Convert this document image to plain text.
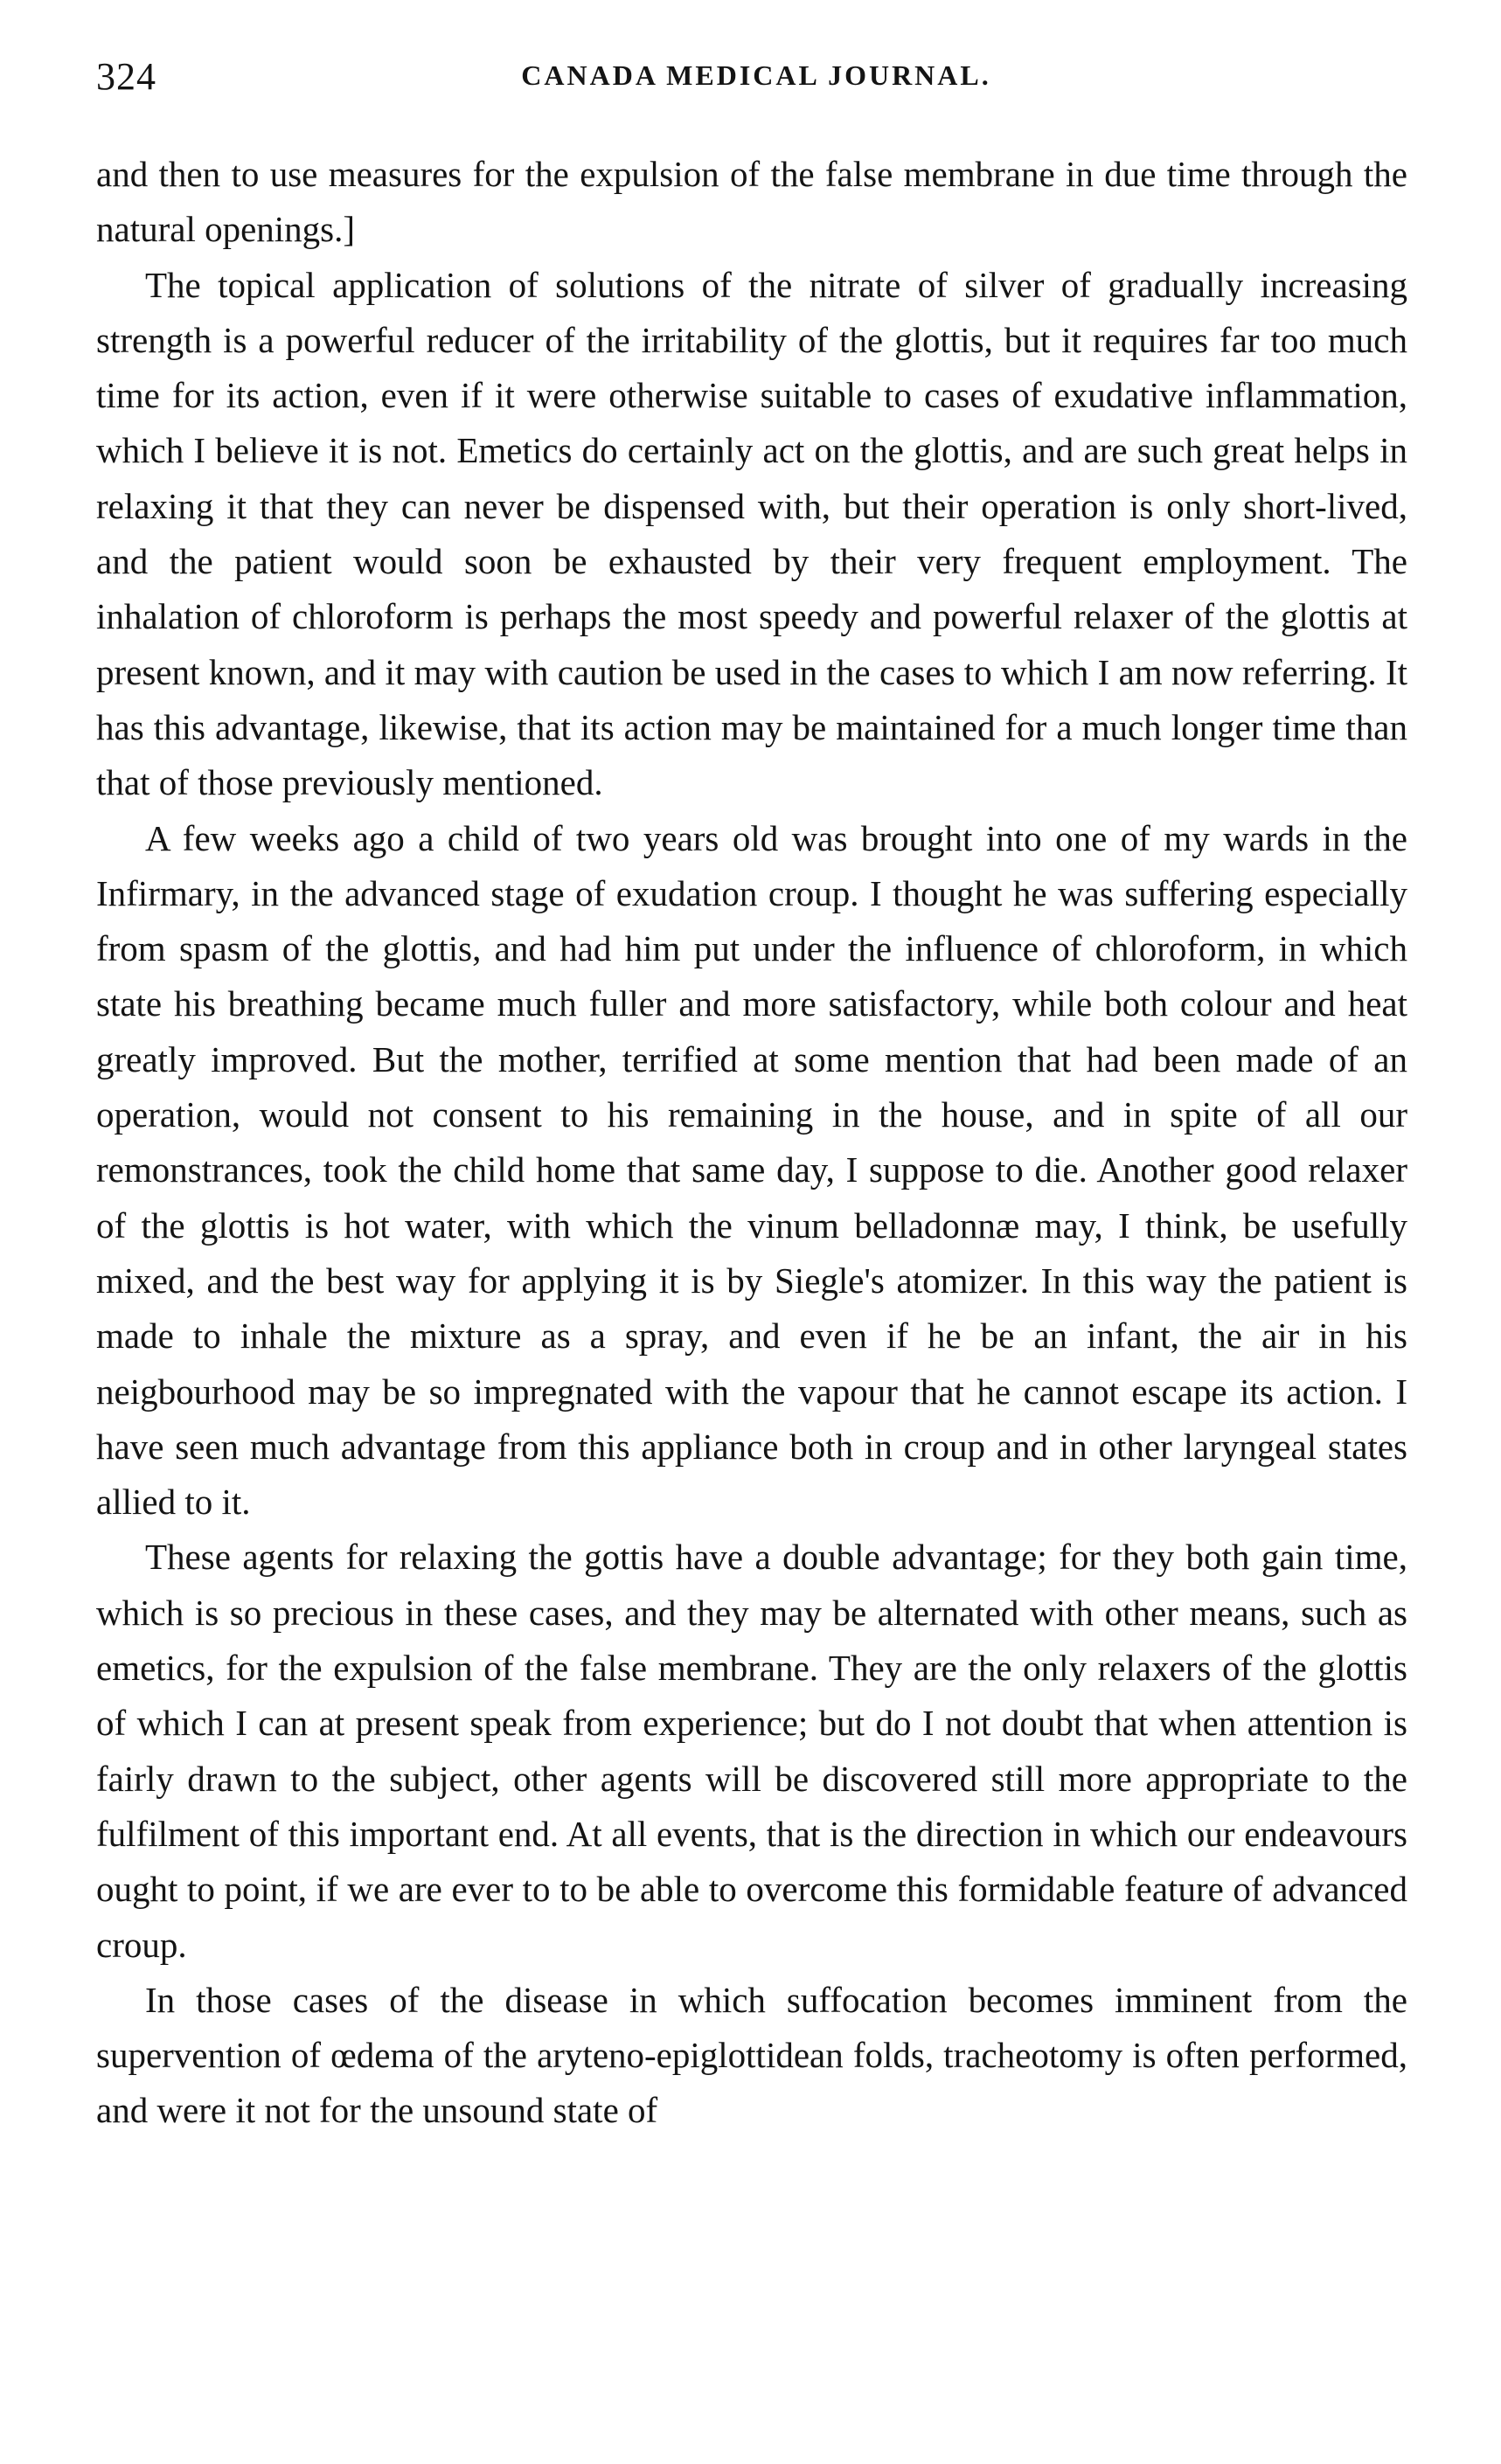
324	CANADA MEDICAL JOURNAL.

and then to use measures for the expulsion of the false membrane in due time through the natural openings.]

The topical application of solutions of the nitrate of silver of gradually increasing strength is a powerful reducer of the irritability of the glottis, but it requires far too much time for its action, even if it were otherwise suitable to cases of exudative inflammation, which I believe it is not. Emetics do certainly act on the glottis, and are such great helps in relaxing it that they can never be dispensed with, but their operation is only short-lived, and the patient would soon be exhausted by their very frequent employment. The inhalation of chloroform is perhaps the most speedy and powerful relaxer of the glottis at present known, and it may with caution be used in the cases to which I am now referring. It has this advantage, likewise, that its action may be maintained for a much longer time than that of those previously mentioned.

A few weeks ago a child of two years old was brought into one of my wards in the Infirmary, in the advanced stage of exudation croup. I thought he was suffering especially from spasm of the glottis, and had him put under the influence of chloroform, in which state his breathing became much fuller and more satisfactory, while both colour and heat greatly improved. But the mother, terrified at some mention that had been made of an operation, would not consent to his remaining in the house, and in spite of all our remonstrances, took the child home that same day, I suppose to die. Another good relaxer of the glottis is hot water, with which the vinum belladonnæ may, I think, be usefully mixed, and the best way for applying it is by Siegle's atomizer. In this way the patient is made to inhale the mixture as a spray, and even if he be an infant, the air in his neigbourhood may be so impregnated with the vapour that he cannot escape its action. I have seen much advantage from this appliance both in croup and in other laryngeal states allied to it.

These agents for relaxing the gottis have a double advantage; for they both gain time, which is so precious in these cases, and they may be alternated with other means, such as emetics, for the expulsion of the false membrane. They are the only relaxers of the glottis of which I can at present speak from experience; but do I not doubt that when attention is fairly drawn to the subject, other agents will be discovered still more appropriate to the fulfilment of this important end. At all events, that is the direction in which our endeavours ought to point, if we are ever to to be able to overcome this formidable feature of advanced croup.

In those cases of the disease in which suffocation becomes imminent from the supervention of œdema of the aryteno-epiglottidean folds, tracheotomy is often performed, and were it not for the unsound state of
